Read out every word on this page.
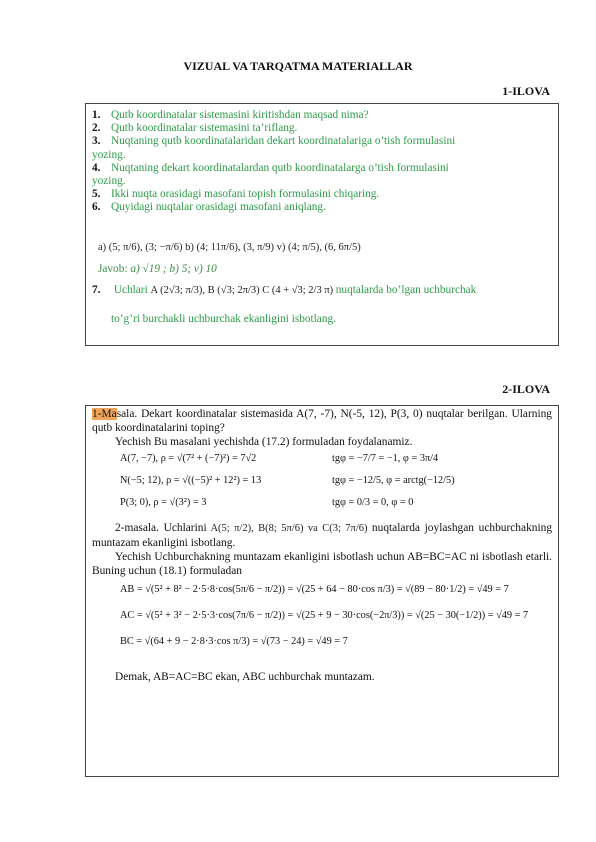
VIZUAL VA TARQATMA MATERIALLAR
1-ILOVA
1. Qutb koordinatalar sistemasini kiritishdan maqsad nima?
2. Qutb koordinatalar sistemasini ta’riflang.
3. Nuqtaning qutb koordinatalaridan dekart koordinatalariga o’tish formulasini
yozing.
4. Nuqtaning dekart koordinatalardan qutb koordinatalarga o’tish formulasini
yozing.
5. Ikki nuqta orasidagi masofani topish formulasini chiqaring.
6. Quyidagi nuqtalar orasidagi masofani aniqlang.
a) (5; π/6), (3; −π/6) b) (4; 11π/6), (3, π/9) v) (4; π/5), (6, 6π/5)
Javob: a) √19 ; b) 5; v) 10
7. Uchlari A (2√3; π/3), B (√3; 2π/3) C (4 + √3; 2/3 π) nuqtalarda bo’lgan uchburchak
to’g’ri burchakli uchburchak ekanligini isbotlang.
2-ILOVA
1-Masala. Dekart koordinatalar sistemasida A(7, -7), N(-5, 12), P(3, 0) nuqtalar berilgan. Ularning qutb koordinatalarini toping?
Yechish Bu masalani yechishda (17.2) formuladan foydalanamiz.
A(7, −7), ρ = √(7² + (−7)²) = 7√2	tgφ = −7/7 = −1, φ = 3π/4
N(−5; 12), ρ = √((−5)² + 12²) = 13	tgφ = −12/5, φ = arctg(−12/5)
P(3; 0), ρ = √(3²) = 3	tgφ = 0/3 = 0, φ = 0
2-masala. Uchlarini A(5; π/2), B(8; 5π/6) va C(3; 7π/6) nuqtalarda joylashgan uchburchakning muntazam ekanligini isbotlang.
Yechish Uchburchakning muntazam ekanligini isbotlash uchun AB=BC=AC ni isbotlash etarli. Buning uchun (18.1) formuladan
AB = √(5² + 8² − 2·5·8·cos(5π/6 − π/2)) = √(25 + 64 − 80·cos π/3) = √(89 − 80·1/2) = √49 = 7
AC = √(5² + 3² − 2·5·3·cos(7π/6 − π/2)) = √(25 + 9 − 30·cos(−2π/3)) = √(25 − 30(−1/2)) = √49 = 7
BC = √(64 + 9 − 2·8·3·cos π/3) = √(73 − 24) = √49 = 7
Demak, AB=AC=BC ekan, ABC uchburchak muntazam.
